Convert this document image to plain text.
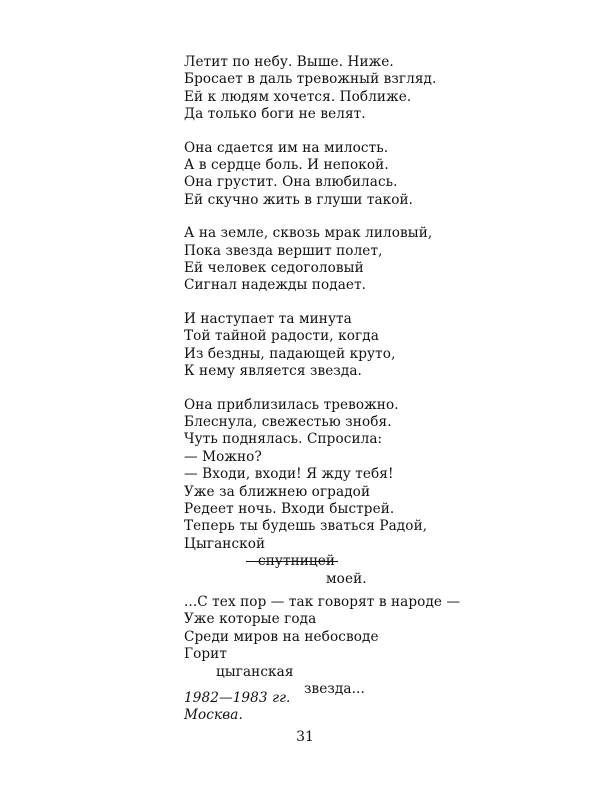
Летит по небу. Выше. Ниже.
Бросает в даль тревожный взгляд.
Ей к людям хочется. Поближе.
Да только боги не велят.
Она сдается им на милость.
А в сердце боль. И непокой.
Она грустит. Она влюбилась.
Ей скучно жить в глуши такой.
А на земле, сквозь мрак лиловый,
Пока звезда вершит полет,
Ей человек седоголовый
Сигнал надежды подает.
И наступает та минута
Той тайной радости, когда
Из бездны, падающей круто,
К нему является звезда.
Она приблизилась тревожно.
Блеснула, свежестью знобя.
Чуть поднялась. Спросила:
— Можно?
— Входи, входи! Я жду тебя!
Уже за ближнею оградой
Редеет ночь. Входи быстрей.
Теперь ты будешь зваться Радой,
Цыганской
спутницей
моей.
...С тех пор — так говорят в народе —
Уже которые года
Среди миров на небосводе
Горит
цыганская
звезда...
1982—1983 гг.
Москва.
31
